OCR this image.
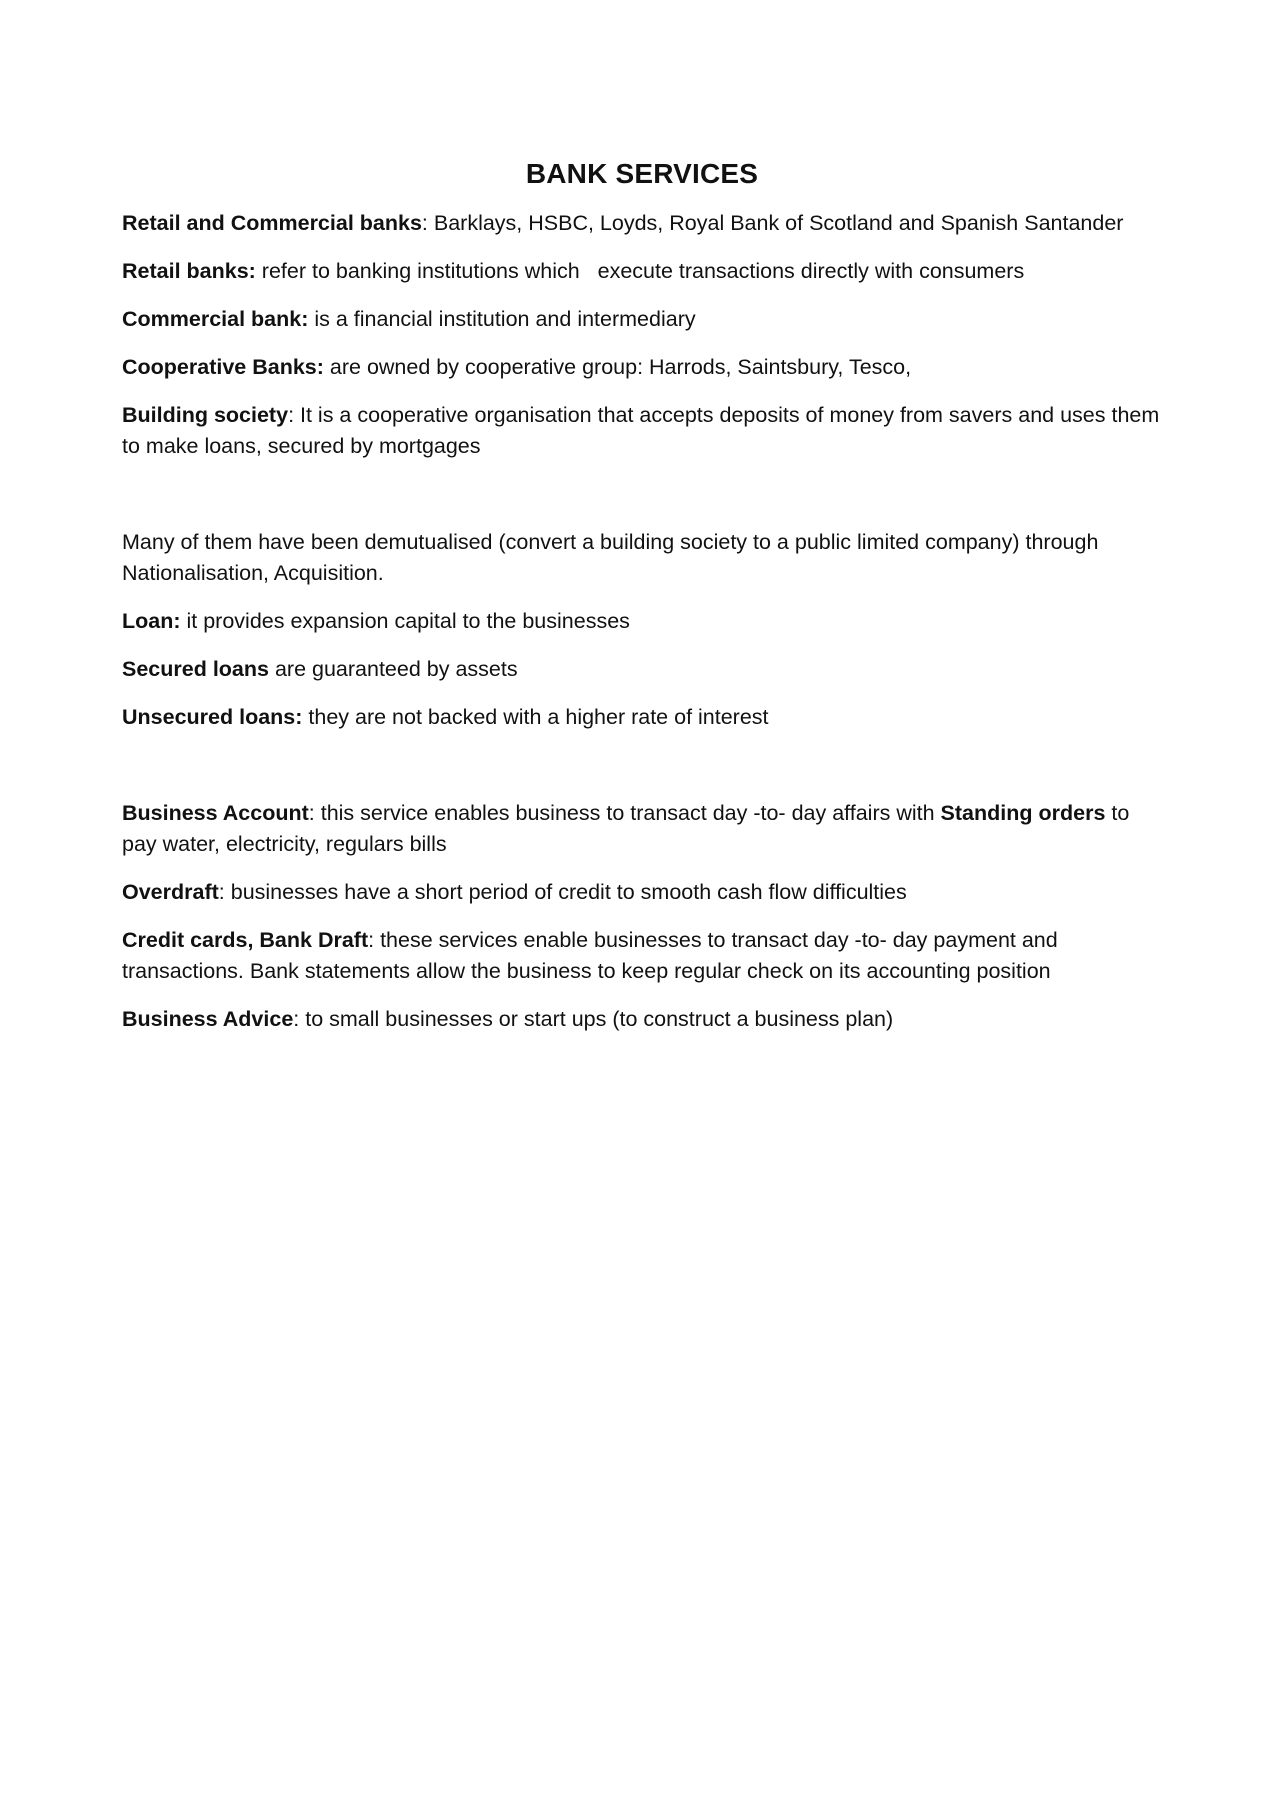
BANK SERVICES

Retail and Commercial banks: Barklays, HSBC, Loyds, Royal Bank of Scotland and Spanish Santander

Retail banks: refer to banking institutions which   execute transactions directly with consumers

Commercial bank: is a financial institution and intermediary

Cooperative Banks: are owned by cooperative group: Harrods, Saintsbury, Tesco,

Building society: It is a cooperative organisation that accepts deposits of money from savers and uses them to make loans, secured by mortgages

Many of them have been demutualised (convert a building society to a public limited company) through Nationalisation, Acquisition.

Loan: it provides expansion capital to the businesses

Secured loans are guaranteed by assets

Unsecured loans: they are not backed with a higher rate of interest

Business Account: this service enables business to transact day -to- day affairs with Standing orders to pay water, electricity, regulars bills

Overdraft: businesses have a short period of credit to smooth cash flow difficulties

Credit cards, Bank Draft: these services enable businesses to transact day -to- day payment and transactions. Bank statements allow the business to keep regular check on its accounting position

Business Advice: to small businesses or start ups (to construct a business plan)
